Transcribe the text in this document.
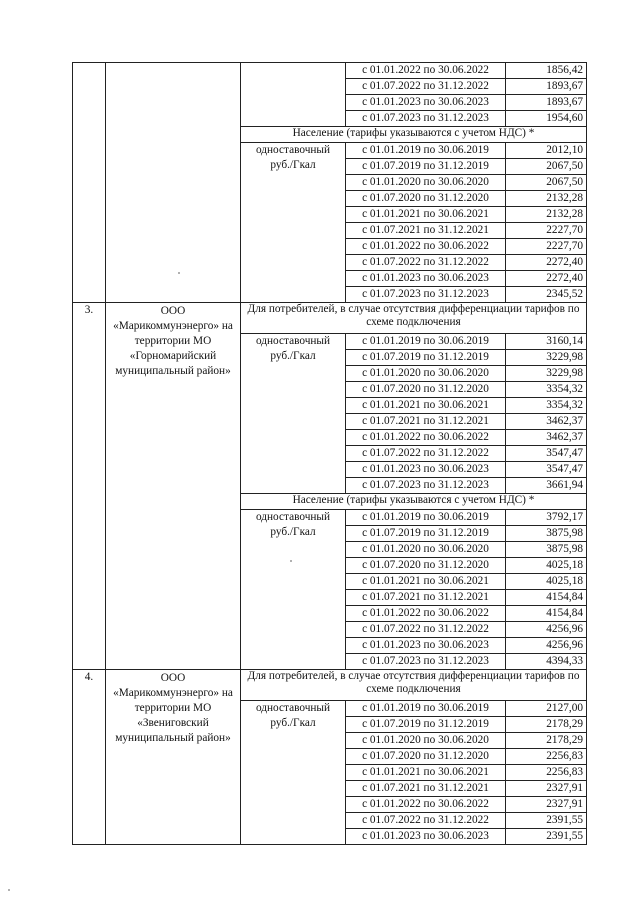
			с 01.01.2022 по 30.06.2022	1856,42
			с 01.07.2022 по 31.12.2022	1893,67
			с 01.01.2023 по 30.06.2023	1893,67
			с 01.07.2023 по 31.12.2023	1954,60
		Население (тарифы указываются с учетом НДС) *		
		одноставочный руб./Гкал	с 01.01.2019 по 30.06.2019	2012,10
			с 01.07.2019 по 31.12.2019	2067,50
			с 01.01.2020 по 30.06.2020	2067,50
			с 01.07.2020 по 31.12.2020	2132,28
			с 01.01.2021 по 30.06.2021	2132,28
			с 01.07.2021 по 31.12.2021	2227,70
			с 01.01.2022 по 30.06.2022	2227,70
			с 01.07.2022 по 31.12.2022	2272,40
			с 01.01.2023 по 30.06.2023	2272,40
			с 01.07.2023 по 31.12.2023	2345,52
3.	ООО «Марикоммунэнерго» на территории МО «Горномарийский муниципальный район»	Для потребителей, в случае отсутствия дифференциации тарифов по схеме подключения		
		одноставочный руб./Гкал	с 01.01.2019 по 30.06.2019	3160,14
			с 01.07.2019 по 31.12.2019	3229,98
			с 01.01.2020 по 30.06.2020	3229,98
			с 01.07.2020 по 31.12.2020	3354,32
			с 01.01.2021 по 30.06.2021	3354,32
			с 01.07.2021 по 31.12.2021	3462,37
			с 01.01.2022 по 30.06.2022	3462,37
			с 01.07.2022 по 31.12.2022	3547,47
			с 01.01.2023 по 30.06.2023	3547,47
			с 01.07.2023 по 31.12.2023	3661,94
		Население (тарифы указываются с учетом НДС) *		
		одноставочный руб./Гкал	с 01.01.2019 по 30.06.2019	3792,17
			с 01.07.2019 по 31.12.2019	3875,98
			с 01.01.2020 по 30.06.2020	3875,98
			с 01.07.2020 по 31.12.2020	4025,18
			с 01.01.2021 по 30.06.2021	4025,18
			с 01.07.2021 по 31.12.2021	4154,84
			с 01.01.2022 по 30.06.2022	4154,84
			с 01.07.2022 по 31.12.2022	4256,96
			с 01.01.2023 по 30.06.2023	4256,96
			с 01.07.2023 по 31.12.2023	4394,33
4.	ООО «Марикоммунэнерго» на территории МО «Звениговский муниципальный район»	Для потребителей, в случае отсутствия дифференциации тарифов по схеме подключения		
		одноставочный руб./Гкал	с 01.01.2019 по 30.06.2019	2127,00
			с 01.07.2019 по 31.12.2019	2178,29
			с 01.01.2020 по 30.06.2020	2178,29
			с 01.07.2020 по 31.12.2020	2256,83
			с 01.01.2021 по 30.06.2021	2256,83
			с 01.07.2021 по 31.12.2021	2327,91
			с 01.01.2022 по 30.06.2022	2327,91
			с 01.07.2022 по 31.12.2022	2391,55
			с 01.01.2023 по 30.06.2023	2391,55
